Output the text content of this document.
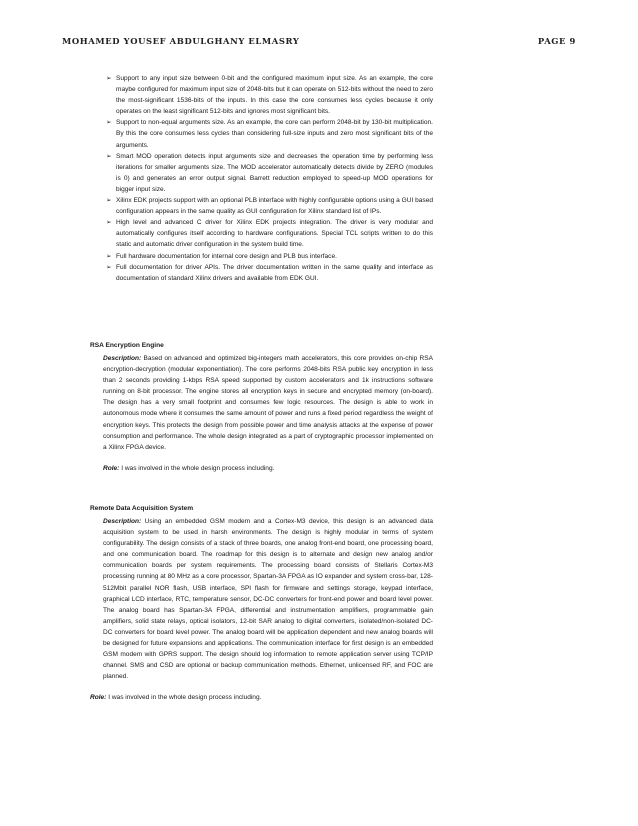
MOHAMED YOUSEF ABDULGHANY ELMASRY	PAGE 9
➢ Support to any input size between 0-bit and the configured maximum input size. As an example, the core maybe configured for maximum input size of 2048-bits but it can operate on 512-bits without the need to zero the most-significant 1536-bits of the inputs. In this case the core consumes less cycles because it only operates on the least significant 512-bits and ignores most significant bits.
➢ Support to non-equal arguments size. As an example, the core can perform 2048-bit by 130-bit multiplication. By this the core consumes less cycles than considering full-size inputs and zero most significant bits of the arguments.
➢ Smart MOD operation detects input arguments size and decreases the operation time by performing less iterations for smaller arguments size. The MOD accelerator automatically detects divide by ZERO (modules is 0) and generates an error output signal. Barrett reduction employed to speed-up MOD operations for bigger input size.
➢ Xilinx EDK projects support with an optional PLB interface with highly configurable options using a GUI based configuration appears in the same quality as GUI configuration for Xilinx standard list of IPs.
➢ High level and advanced C driver for Xilinx EDK projects integration. The driver is very modular and automatically configures itself according to hardware configurations. Special TCL scripts written to do this static and automatic driver configuration in the system build time.
➢ Full hardware documentation for internal core design and PLB bus interface.
➢ Full documentation for driver APIs. The driver documentation written in the same quality and interface as documentation of standard Xilinx drivers and available from EDK GUI.

RSA Encryption Engine

Description: Based on advanced and optimized big-integers math accelerators, this core provides on-chip RSA encryption-decryption (modular exponentiation). The core performs 2048-bits RSA public key encryption in less than 2 seconds providing 1-kbps RSA speed supported by custom accelerators and 1k instructions software running on 8-bit processor. The engine stores all encryption keys in secure and encrypted memory (on-board). The design has a very small footprint and consumes few logic resources. The design is able to work in autonomous mode where it consumes the same amount of power and runs a fixed period regardless the weight of encryption keys. This protects the design from possible power and time analysis attacks at the expense of power consumption and performance. The whole design integrated as a part of cryptographic processor implemented on a Xilinx FPGA device.

Role: I was involved in the whole design process including.

Remote Data Acquisition System

Description: Using an embedded GSM modem and a Cortex-M3 device, this design is an advanced data acquisition system to be used in harsh environments. The design is highly modular in terms of system configurability. The design consists of a stack of three boards, one analog front-end board, one processing board, and one communication board. The roadmap for this design is to alternate and design new analog and/or communication boards per system requirements. The processing board consists of Stellaris Cortex-M3 processing running at 80 MHz as a core processor, Spartan-3A FPGA as IO expander and system cross-bar, 128-512Mbit parallel NOR flash, USB interface, SPI flash for firmware and settings storage, keypad interface, graphical LCD interface, RTC, temperature sensor, DC-DC converters for front-end power and board level power. The analog board has Spartan-3A FPGA, differential and instrumentation amplifiers, programmable gain amplifiers, solid state relays, optical isolators, 12-bit SAR analog to digital converters, isolated/non-isolated DC-DC converters for board level power. The analog board will be application dependent and new analog boards will be designed for future expansions and applications. The communication interface for first design is an embedded GSM modem with GPRS support. The design should log information to remote application server using TCP/IP channel. SMS and CSD are optional or backup communication methods. Ethernet, unlicensed RF, and FOC are planned.

Role: I was involved in the whole design process including.
